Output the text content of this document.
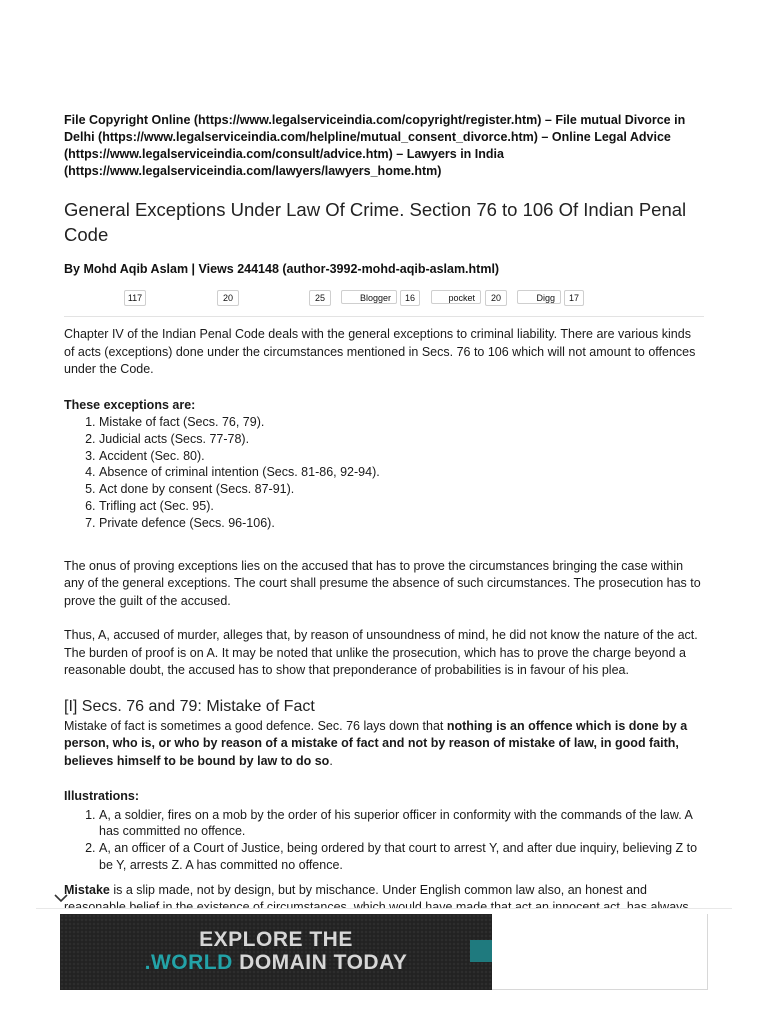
File Copyright Online (https://www.legalserviceindia.com/copyright/register.htm) – File mutual Divorce in Delhi (https://www.legalserviceindia.com/helpline/mutual_consent_divorce.htm) – Online Legal Advice (https://www.legalserviceindia.com/consult/advice.htm) – Lawyers in India (https://www.legalserviceindia.com/lawyers/lawyers_home.htm)

General Exceptions Under Law Of Crime. Section 76 to 106 Of Indian Penal Code
By Mohd Aqib Aslam | Views 244148 (author-3992-mohd-aqib-aslam.html)
117	20	25	Blogger	16	pocket	20	Digg	17

Chapter IV of the Indian Penal Code deals with the general exceptions to criminal liability. There are various kinds of acts (exceptions) done under the circumstances mentioned in Secs. 76 to 106 which will not amount to offences under the Code.

These exceptions are:

1. Mistake of fact (Secs. 76, 79).
2. Judicial acts (Secs. 77-78).
3. Accident (Sec. 80).
4. Absence of criminal intention (Secs. 81-86, 92-94).
5. Act done by consent (Secs. 87-91).
6. Trifling act (Sec. 95).
7. Private defence (Secs. 96-106).

The onus of proving exceptions lies on the accused that has to prove the circumstances bringing the case within any of the general exceptions. The court shall presume the absence of such circumstances. The prosecution has to prove the guilt of the accused.

Thus, A, accused of murder, alleges that, by reason of unsoundness of mind, he did not know the nature of the act. The burden of proof is on A. It may be noted that unlike the prosecution, which has to prove the charge beyond a reasonable doubt, the accused has to show that preponderance of probabilities is in favour of his plea.

[I] Secs. 76 and 79: Mistake of Fact

Mistake of fact is sometimes a good defence. Sec. 76 lays down that nothing is an offence which is done by a person, who is, or who by reason of a mistake of fact and not by reason of mistake of law, in good faith, believes himself to be bound by law to do so.

Illustrations:

1. A, a soldier, fires on a mob by the order of his superior officer in conformity with the commands of the law. A has committed no offence.
2. A, an officer of a Court of Justice, being ordered by that court to arrest Y, and after due inquiry, believing Z to be Y, arrests Z. A has committed no offence.

Mistake is a slip made, not by design, but by mischance. Under English common law also, an honest and

EXPLORE THE
.WORLD DOMAIN TODAY
